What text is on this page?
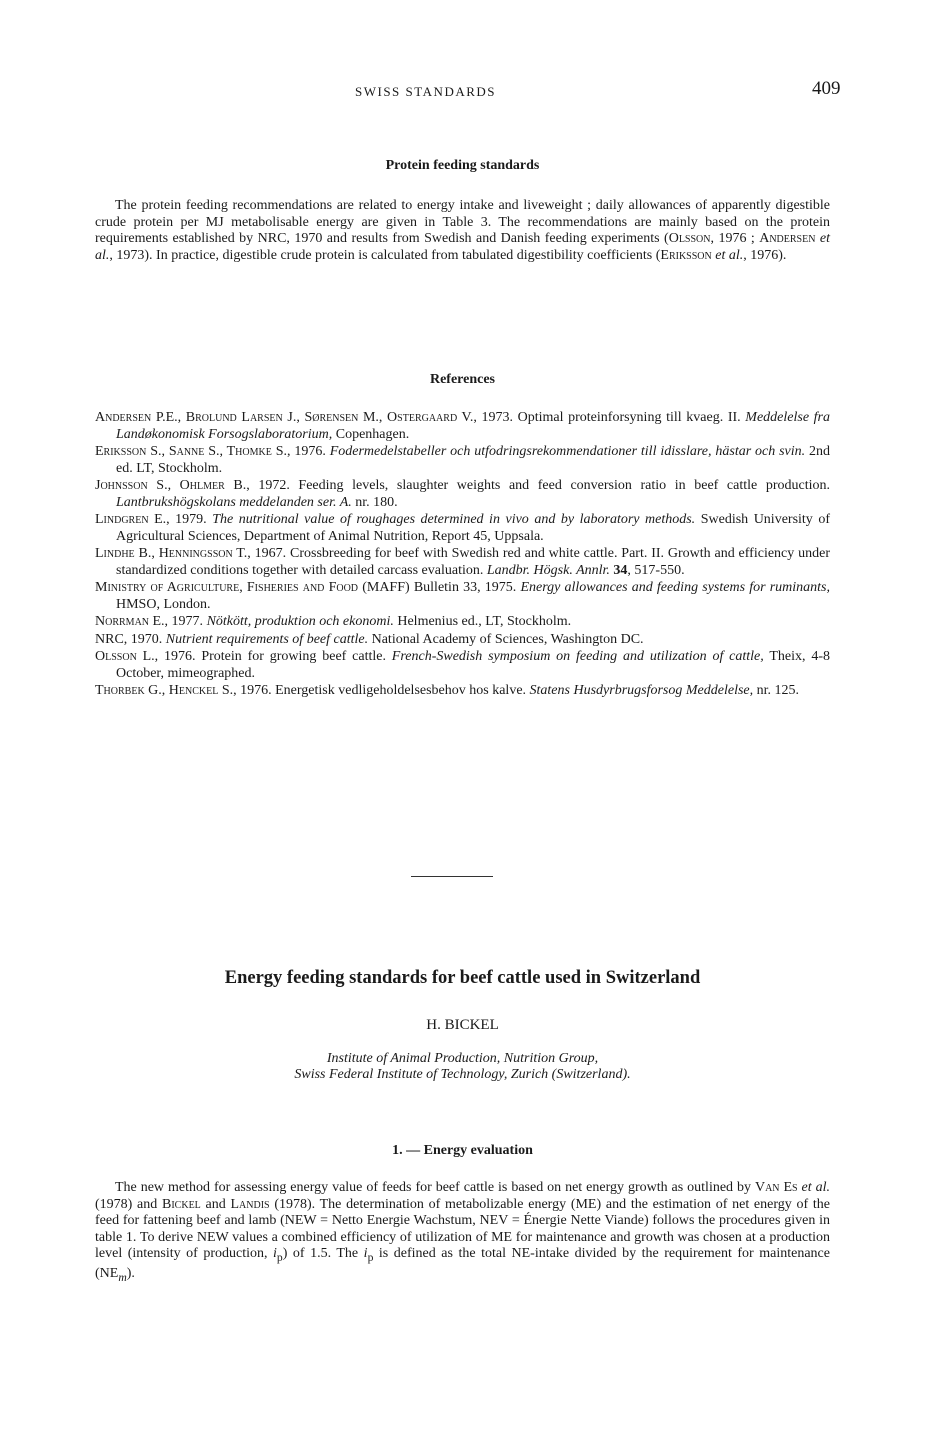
SWISS STANDARDS	409
Protein feeding standards
The protein feeding recommendations are related to energy intake and liveweight ; daily allowances of apparently digestible crude protein per MJ metabolisable energy are given in Table 3. The recommendations are mainly based on the protein requirements established by NRC, 1970 and results from Swedish and Danish feeding experiments (Olsson, 1976 ; Andersen et al., 1973). In practice, digestible crude protein is calculated from tabulated digestibility coefficients (Eriksson et al., 1976).
References
Andersen P.E., Brolund Larsen J., Sørensen M., Ostergaard V., 1973. Optimal proteinforsyning till kvaeg. II. Meddelelse fra Landøkonomisk Forsogslaboratorium, Copenhagen.
Eriksson S., Sanne S., Thomke S., 1976. Fodermedelstabeller och utfodringsrekommendationer till idisslare, hästar och svin. 2nd ed. LT, Stockholm.
Johnsson S., Ohlmer B., 1972. Feeding levels, slaughter weights and feed conversion ratio in beef cattle production. Lantbrukshögskolans meddelanden ser. A. nr. 180.
Lindgren E., 1979. The nutritional value of roughages determined in vivo and by laboratory methods. Swedish University of Agricultural Sciences, Department of Animal Nutrition, Report 45, Uppsala.
Lindhe B., Henningsson T., 1967. Crossbreeding for beef with Swedish red and white cattle. Part. II. Growth and efficiency under standardized conditions together with detailed carcass evaluation. Landbr. Högsk. Annlr. 34, 517-550.
Ministry of Agriculture, Fisheries and Food (MAFF) Bulletin 33, 1975. Energy allowances and feeding systems for ruminants, HMSO, London.
Norrman E., 1977. Nötkött, produktion och ekonomi. Helmenius ed., LT, Stockholm.
NRC, 1970. Nutrient requirements of beef cattle. National Academy of Sciences, Washington DC.
Olsson L., 1976. Protein for growing beef cattle. French-Swedish symposium on feeding and utilization of cattle, Theix, 4-8 October, mimeographed.
Thorbek G., Henckel S., 1976. Energetisk vedligeholdelsesbehov hos kalve. Statens Husdyrbrugsforsog Meddelelse, nr. 125.
Energy feeding standards for beef cattle used in Switzerland
H. BICKEL
Institute of Animal Production, Nutrition Group,
Swiss Federal Institute of Technology, Zurich (Switzerland).
1. — Energy evaluation
The new method for assessing energy value of feeds for beef cattle is based on net energy growth as outlined by Van Es et al. (1978) and Bickel and Landis (1978). The determination of metabolizable energy (ME) and the estimation of net energy of the feed for fattening beef and lamb (NEW = Netto Energie Wachstum, NEV = Énergie Nette Viande) follows the procedures given in table 1. To derive NEW values a combined efficiency of utilization of ME for maintenance and growth was chosen at a production level (intensity of production, $i_p$) of 1.5. The $i_p$ is defined as the total NE-intake divided by the requirement for maintenance $(NE_m)$.
